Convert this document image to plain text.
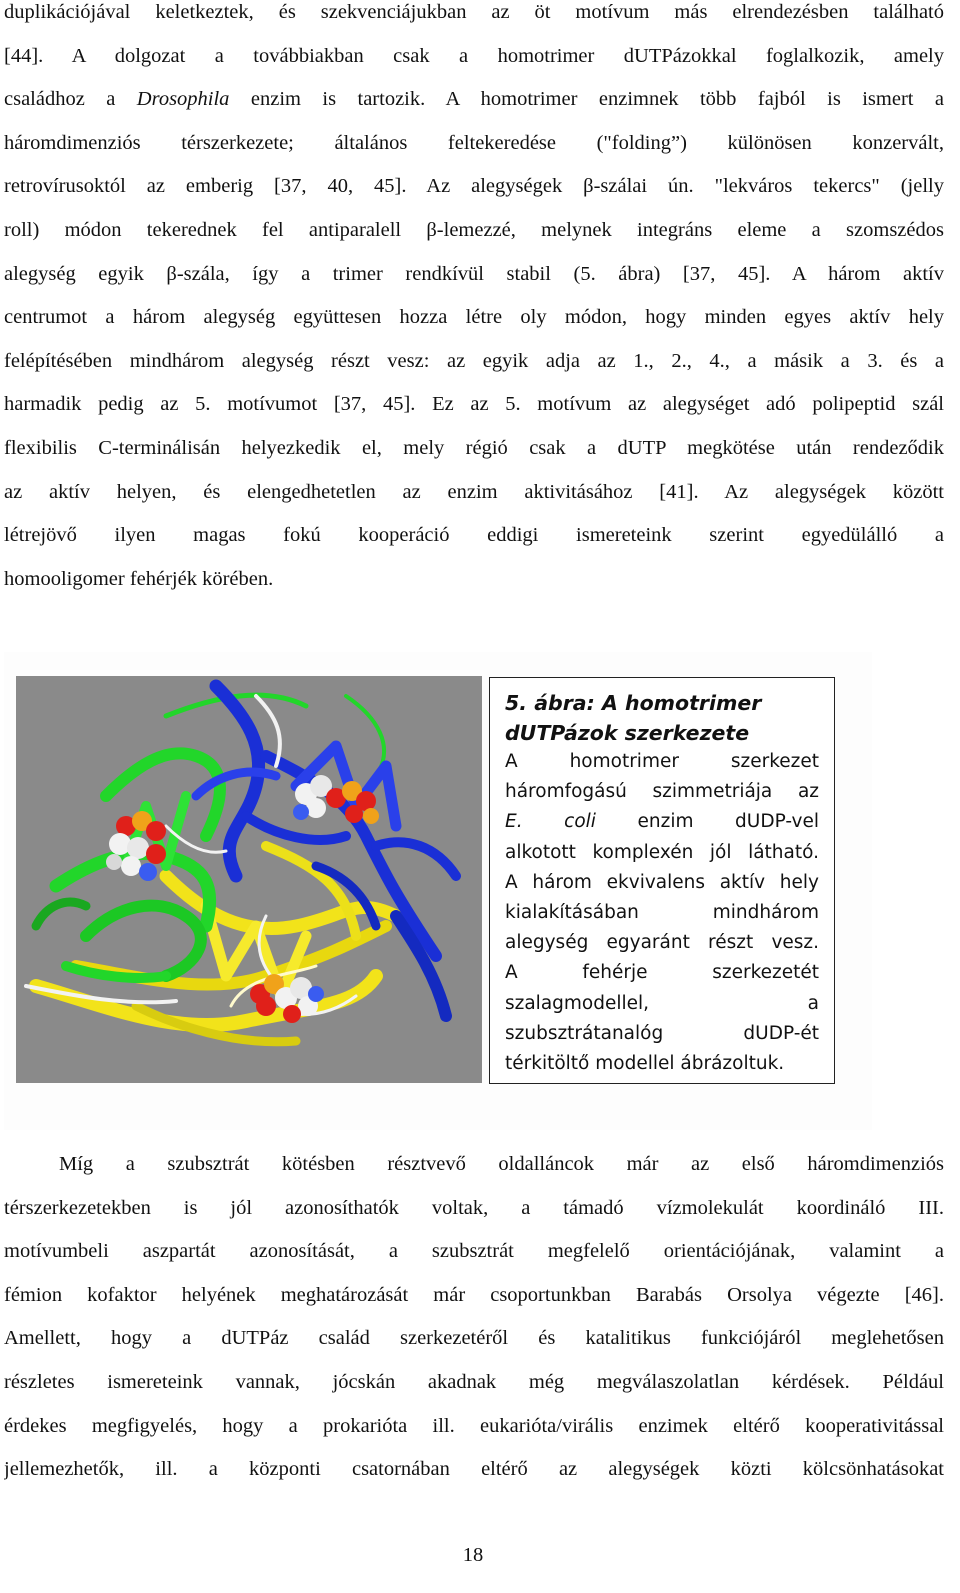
duplikációjával keletkeztek, és szekvenciájukban az öt motívum más elrendezésben található
[44]. A dolgozat a továbbiakban csak a homotrimer dUTPázokkal foglalkozik, amely
családhoz a Drosophila enzim is tartozik. A homotrimer enzimnek több fajból is ismert a
háromdimenziós térszerkezete; általános feltekeredése ("folding”) különösen konzervált,
retrovírusoktól az emberig [37, 40, 45]. Az alegységek β-szálai ún. "lekváros tekercs" (jelly
roll) módon tekerednek fel antiparalell β-lemezzé, melynek integráns eleme a szomszédos
alegység egyik β-szála, így a trimer rendkívül stabil (5. ábra) [37, 45]. A három aktív
centrumot a három alegység együttesen hozza létre oly módon, hogy minden egyes aktív hely
felépítésében mindhárom alegység részt vesz: az egyik adja az 1., 2., 4., a másik a 3. és a
harmadik pedig az 5. motívumot [37, 45]. Ez az 5. motívum az alegységet adó polipeptid szál
flexibilis C-terminálisán helyezkedik el, mely régió csak a dUTP megkötése után rendeződik
az aktív helyen, és elengedhetetlen az enzim aktivitásához [41]. Az alegységek között
létrejövő ilyen magas fokú kooperáció eddigi ismereteink szerint egyedülálló a
homooligomer fehérjék körében.
5. ábra: A homotrimer
dUTPázok szerkezete
A homotrimer szerkezet
háromfogású szimmetriája az
E. coli enzim dUDP-vel
alkotott komplexén jól látható.
A három ekvivalens aktív hely
kialakításában mindhárom
alegység egyaránt részt vesz.
A fehérje szerkezetét
szalagmodellel, a
szubsztrátanalóg dUDP-ét
térkitöltő modellel ábrázoltuk.
Míg a szubsztrát kötésben résztvevő oldalláncok már az első háromdimenziós
térszerkezetekben is jól azonosíthatók voltak, a támadó vízmolekulát koordináló III.
motívumbeli aszpartát azonosítását, a szubsztrát megfelelő orientációjának, valamint a
fémion kofaktor helyének meghatározását már csoportunkban Barabás Orsolya végezte [46].
Amellett, hogy a dUTPáz család szerkezetéről és katalitikus funkciójáról meglehetősen
részletes ismereteink vannak, jócskán akadnak még megválaszolatlan kérdések. Például
érdekes megfigyelés, hogy a prokarióta ill. eukarióta/virális enzimek eltérő kooperativitással
jellemezhetők, ill. a központi csatornában eltérő az alegységek közti kölcsönhatásokat
18
